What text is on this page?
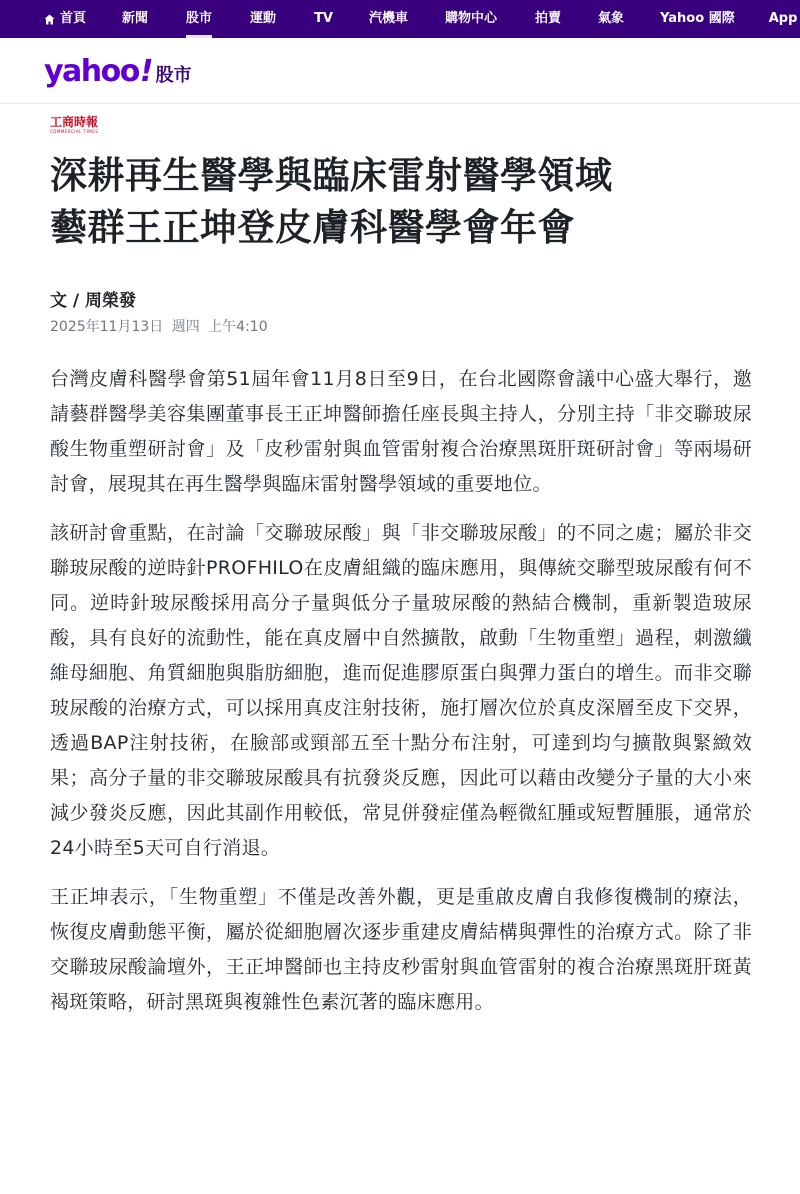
首頁	新聞	股市	運動	TV	汽機車	購物中心	拍賣	氣象	Yahoo 國際	App
yahoo ! 股市
工商時報
COMMERCIAL TIMES
深耕再生醫學與臨床雷射醫學領域
藝群王正坤登皮膚科醫學會年會
文 / 周榮發
2025年11月13日 週四 上午4:10

台灣皮膚科醫學會第51屆年會11月8日至9日，在台北國際會議中心盛大舉行，邀請藝群醫學美容集團董事長王正坤醫師擔任座長與主持人，分別主持「非交聯玻尿酸生物重塑研討會」及「皮秒雷射與血管雷射複合治療黑斑肝斑研討會」等兩場研討會，展現其在再生醫學與臨床雷射醫學領域的重要地位。

該研討會重點，在討論「交聯玻尿酸」與「非交聯玻尿酸」的不同之處；屬於非交聯玻尿酸的逆時針PROFHILO在皮膚組織的臨床應用，與傳統交聯型玻尿酸有何不同。逆時針玻尿酸採用高分子量與低分子量玻尿酸的熱結合機制，重新製造玻尿酸，具有良好的流動性，能在真皮層中自然擴散，啟動「生物重塑」過程，刺激纖維母細胞、角質細胞與脂肪細胞，進而促進膠原蛋白與彈力蛋白的增生。而非交聯玻尿酸的治療方式，可以採用真皮注射技術，施打層次位於真皮深層至皮下交界，透過BAP注射技術，在臉部或頸部五至十點分布注射，可達到均勻擴散與緊緻效果；高分子量的非交聯玻尿酸具有抗發炎反應，因此可以藉由改變分子量的大小來減少發炎反應，因此其副作用較低，常見併發症僅為輕微紅腫或短暫腫脹，通常於24小時至5天可自行消退。

王正坤表示，「生物重塑」不僅是改善外觀，更是重啟皮膚自我修復機制的療法，恢復皮膚動態平衡，屬於從細胞層次逐步重建皮膚結構與彈性的治療方式。除了非交聯玻尿酸論壇外，王正坤醫師也主持皮秒雷射與血管雷射的複合治療黑斑肝斑黃褐斑策略，研討黑斑與複雜性色素沉著的臨床應用。
